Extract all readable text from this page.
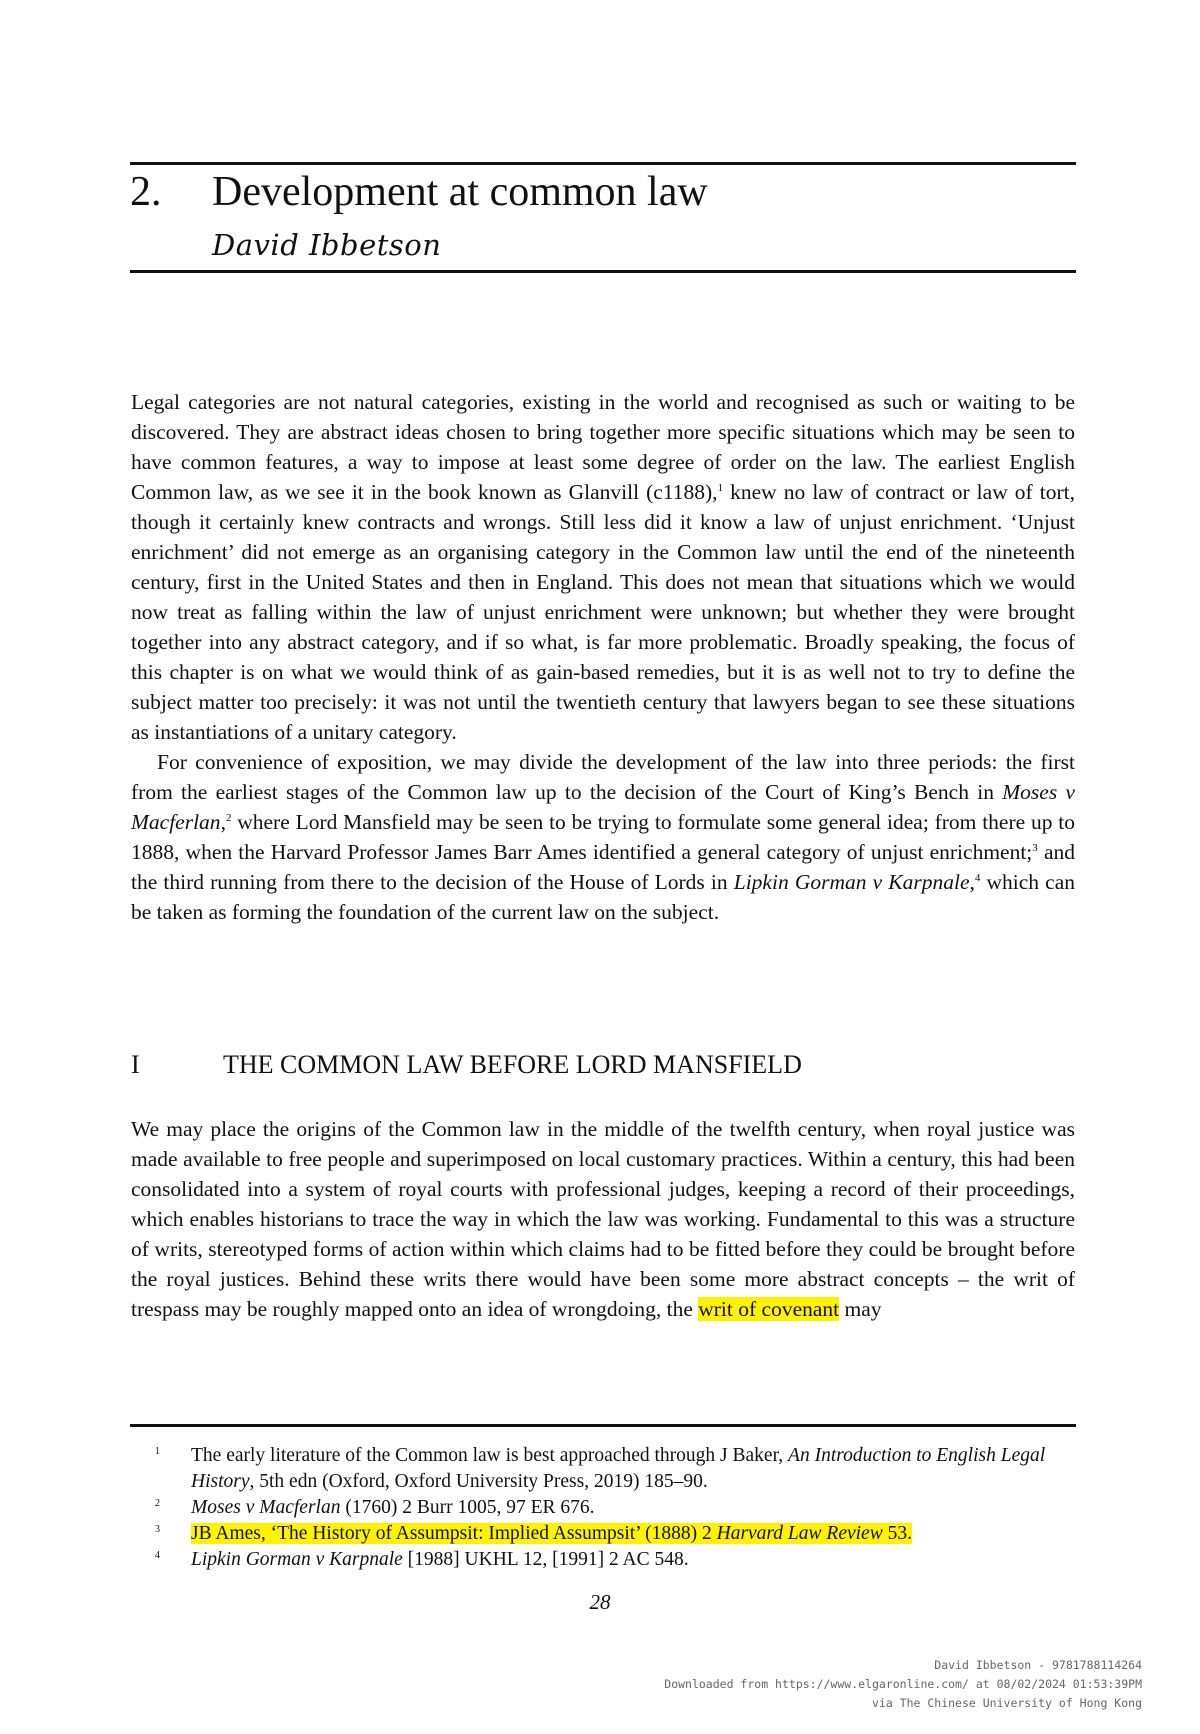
2. Development at common law
David Ibbetson

Legal categories are not natural categories, existing in the world and recognised as such or waiting to be discovered. They are abstract ideas chosen to bring together more specific situations which may be seen to have common features, a way to impose at least some degree of order on the law. The earliest English Common law, as we see it in the book known as Glanvill (c1188),$^1$ knew no law of contract or law of tort, though it certainly knew contracts and wrongs. Still less did it know a law of unjust enrichment. ‘Unjust enrichment’ did not emerge as an organising category in the Common law until the end of the nineteenth century, first in the United States and then in England. This does not mean that situations which we would now treat as falling within the law of unjust enrichment were unknown; but whether they were brought together into any abstract category, and if so what, is far more problematic. Broadly speaking, the focus of this chapter is on what we would think of as gain-based remedies, but it is as well not to try to define the subject matter too precisely: it was not until the twentieth century that lawyers began to see these situations as instantiations of a unitary category.

For convenience of exposition, we may divide the development of the law into three periods: the first from the earliest stages of the Common law up to the decision of the Court of King’s Bench in Moses v Macferlan,$^2$ where Lord Mansfield may be seen to be trying to formulate some general idea; from there up to 1888, when the Harvard Professor James Barr Ames identified a general category of unjust enrichment;$^3$ and the third running from there to the decision of the House of Lords in Lipkin Gorman v Karpnale,$^4$ which can be taken as forming the foundation of the current law on the subject.

I	THE COMMON LAW BEFORE LORD MANSFIELD

We may place the origins of the Common law in the middle of the twelfth century, when royal justice was made available to free people and superimposed on local customary practices. Within a century, this had been consolidated into a system of royal courts with professional judges, keeping a record of their proceedings, which enables historians to trace the way in which the law was working. Fundamental to this was a structure of writs, stereotyped forms of action within which claims had to be fitted before they could be brought before the royal justices. Behind these writs there would have been some more abstract concepts – the writ of trespass may be roughly mapped onto an idea of wrongdoing, the writ of covenant may

1 The early literature of the Common law is best approached through J Baker, An Introduction to English Legal History, 5th edn (Oxford, Oxford University Press, 2019) 185–90.
2 Moses v Macferlan (1760) 2 Burr 1005, 97 ER 676.
3 JB Ames, ‘The History of Assumpsit: Implied Assumpsit’ (1888) 2 Harvard Law Review 53.
4 Lipkin Gorman v Karpnale [1988] UKHL 12, [1991] 2 AC 548.
28
David Ibbetson - 9781788114264
Downloaded from https://www.elgaronline.com/ at 08/02/2024 01:53:39PM
via The Chinese University of Hong Kong
